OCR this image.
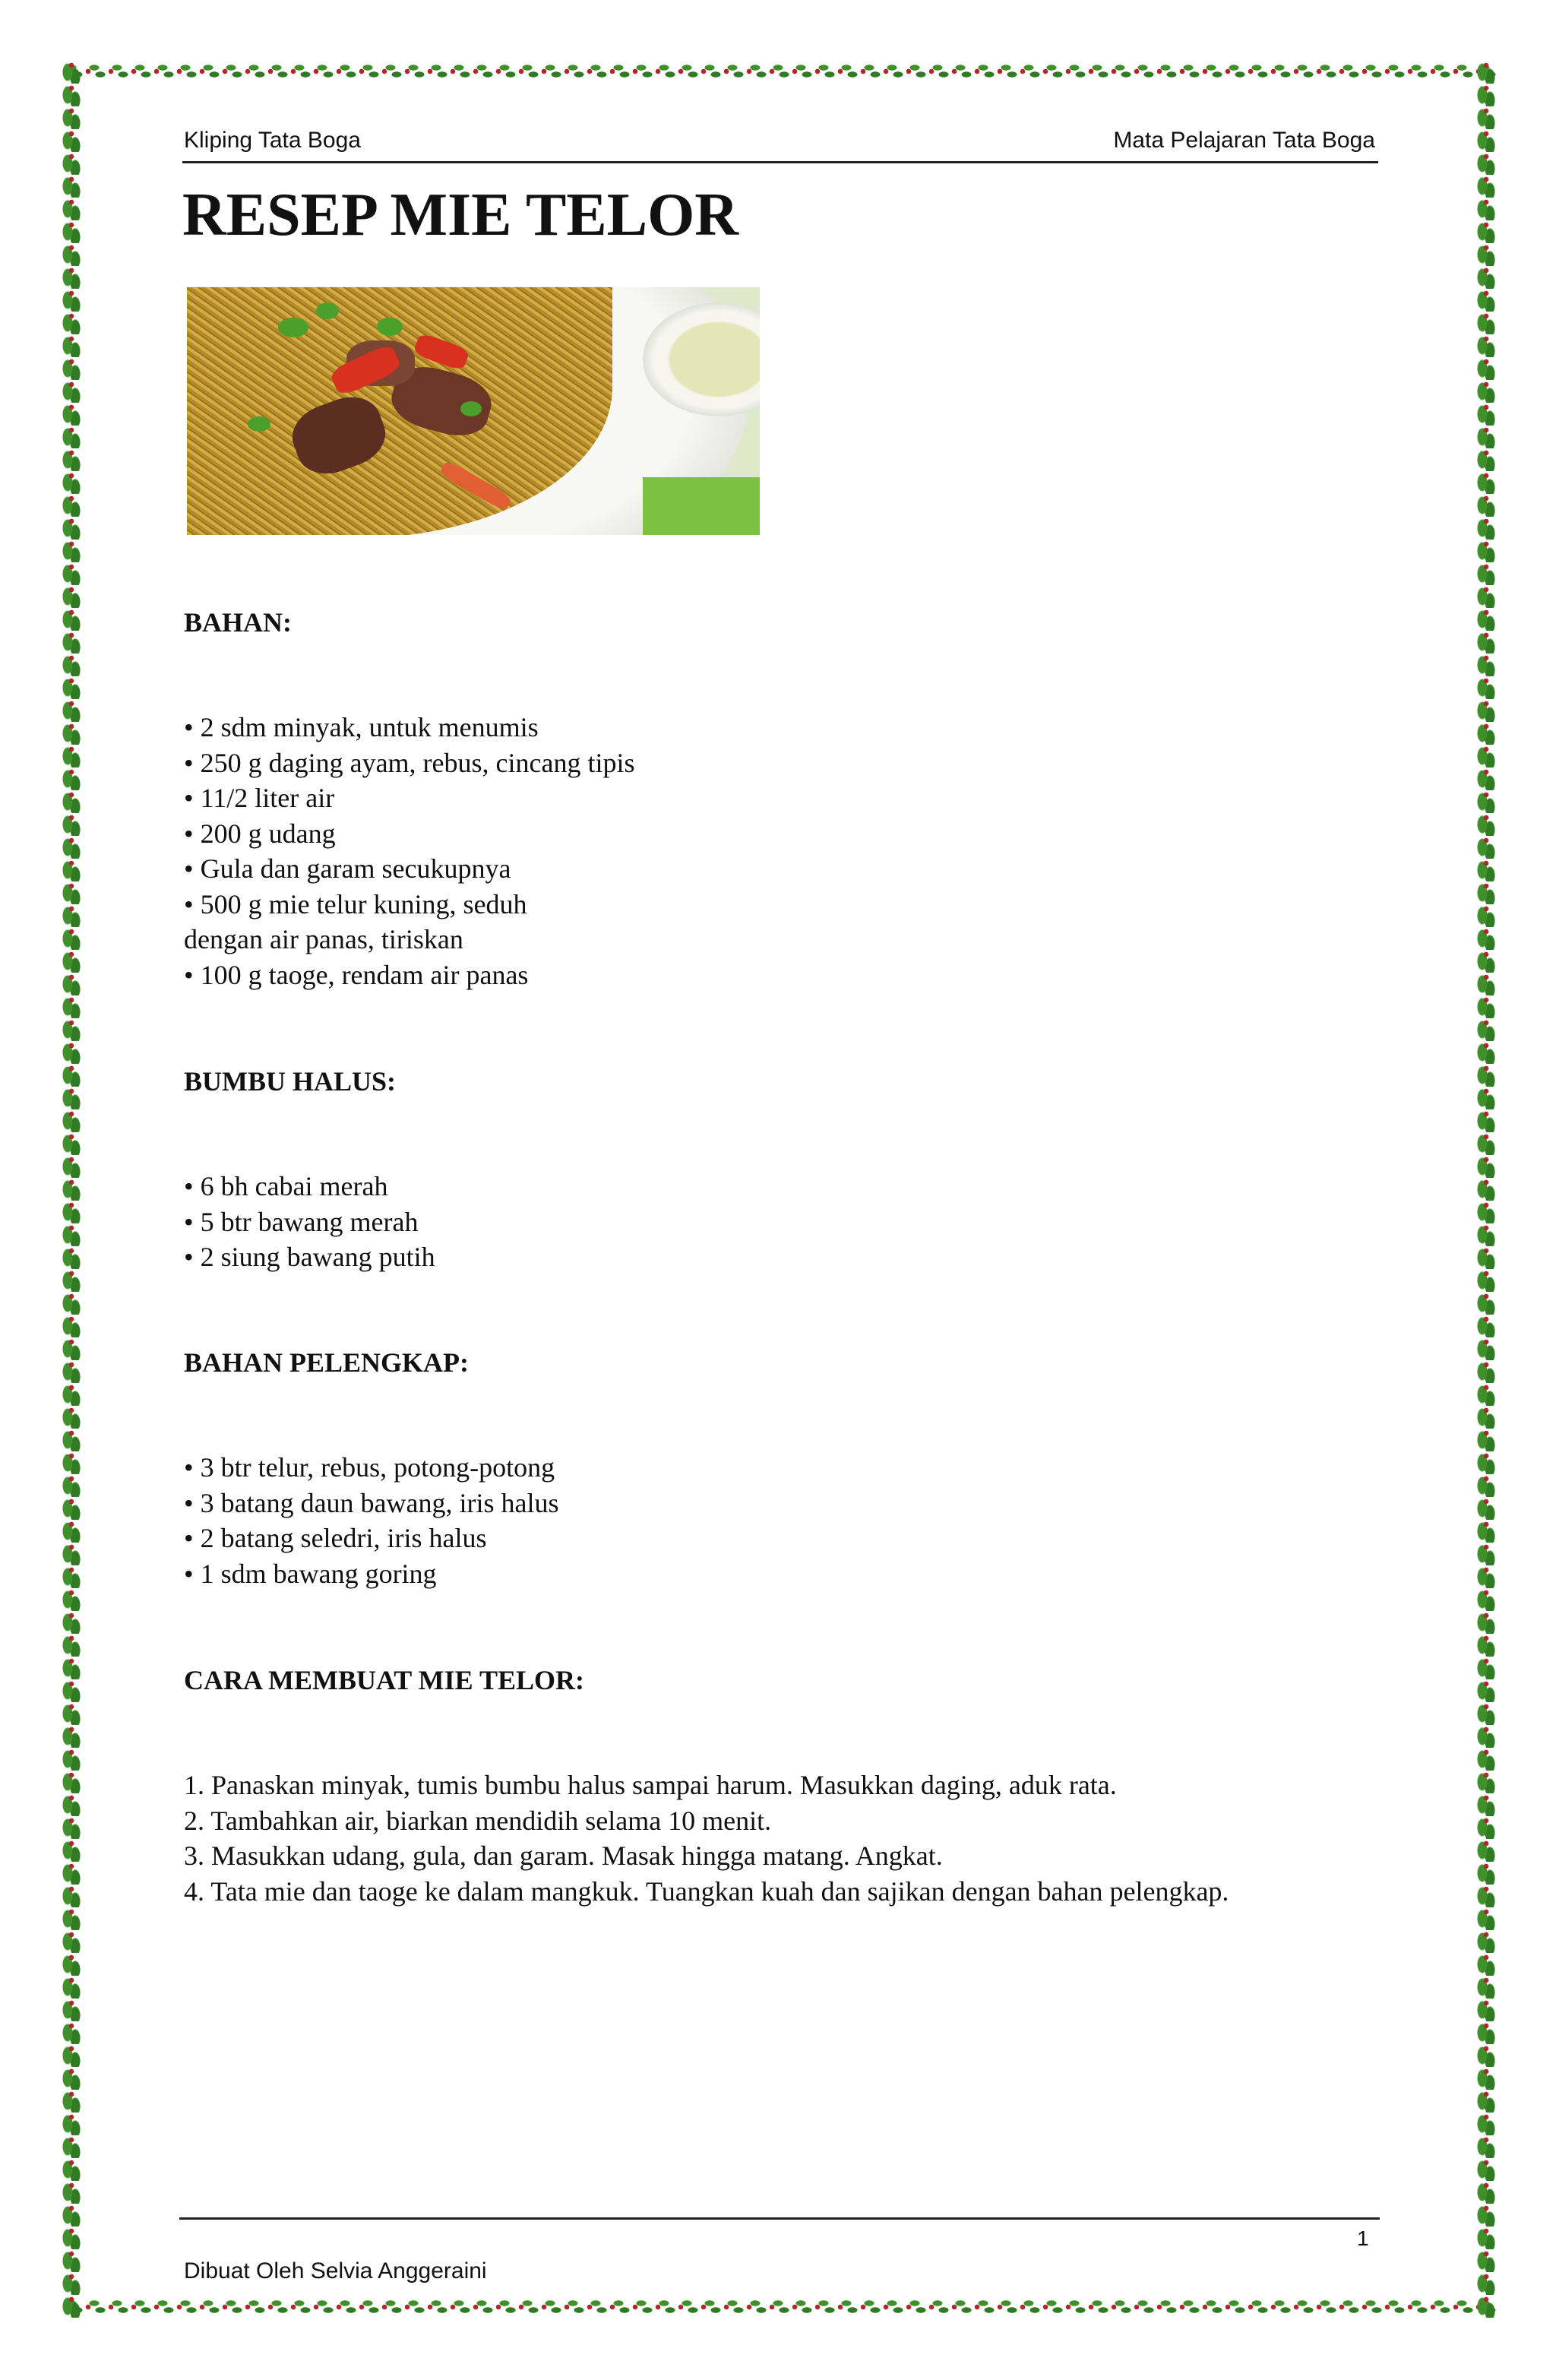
Kliping Tata Boga	Mata Pelajaran Tata Boga
RESEP MIE TELOR
BAHAN:
• 2 sdm minyak, untuk menumis
• 250 g daging ayam, rebus, cincang tipis
• 11/2 liter air
• 200 g udang
• Gula dan garam secukupnya
• 500 g mie telur kuning, seduh
dengan air panas, tiriskan
• 100 g taoge, rendam air panas
BUMBU HALUS:
• 6 bh cabai merah
• 5 btr bawang merah
• 2 siung bawang putih
BAHAN PELENGKAP:
• 3 btr telur, rebus, potong-potong
• 3 batang daun bawang, iris halus
• 2 batang seledri, iris halus
• 1 sdm bawang goring
CARA MEMBUAT MIE TELOR:
1. Panaskan minyak, tumis bumbu halus sampai harum. Masukkan daging, aduk rata.
2. Tambahkan air, biarkan mendidih selama 10 menit.
3. Masukkan udang, gula, dan garam. Masak hingga matang. Angkat.
4. Tata mie dan taoge ke dalam mangkuk. Tuangkan kuah dan sajikan dengan bahan pelengkap.
1
Dibuat Oleh Selvia Anggeraini
